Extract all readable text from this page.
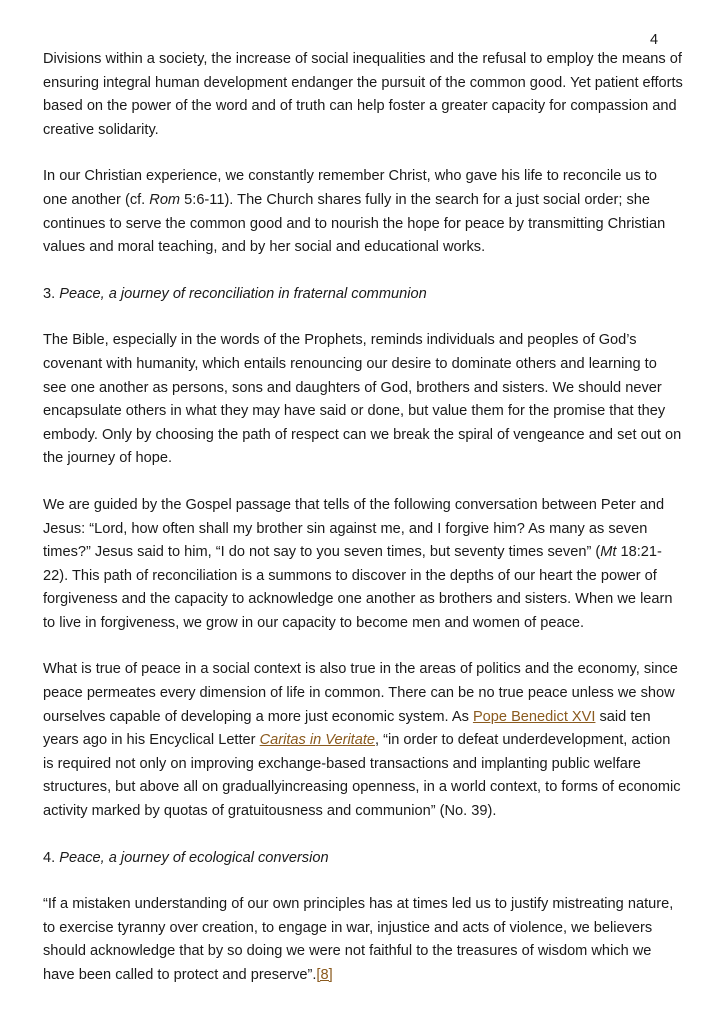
4

Divisions within a society, the increase of social inequalities and the refusal to employ the means of ensuring integral human development endanger the pursuit of the common good. Yet patient efforts based on the power of the word and of truth can help foster a greater capacity for compassion and creative solidarity.

In our Christian experience, we constantly remember Christ, who gave his life to reconcile us to one another (cf. Rom 5:6-11). The Church shares fully in the search for a just social order; she continues to serve the common good and to nourish the hope for peace by transmitting Christian values and moral teaching, and by her social and educational works.

3. Peace, a journey of reconciliation in fraternal communion

The Bible, especially in the words of the Prophets, reminds individuals and peoples of God’s covenant with humanity, which entails renouncing our desire to dominate others and learning to see one another as persons, sons and daughters of God, brothers and sisters. We should never encapsulate others in what they may have said or done, but value them for the promise that they embody. Only by choosing the path of respect can we break the spiral of vengeance and set out on the journey of hope.

We are guided by the Gospel passage that tells of the following conversation between Peter and Jesus: “Lord, how often shall my brother sin against me, and I forgive him? As many as seven times?” Jesus said to him, “I do not say to you seven times, but seventy times seven” (Mt 18:21-22). This path of reconciliation is a summons to discover in the depths of our heart the power of forgiveness and the capacity to acknowledge one another as brothers and sisters. When we learn to live in forgiveness, we grow in our capacity to become men and women of peace.

What is true of peace in a social context is also true in the areas of politics and the economy, since peace permeates every dimension of life in common. There can be no true peace unless we show ourselves capable of developing a more just economic system. As Pope Benedict XVI said ten years ago in his Encyclical Letter Caritas in Veritate, “in order to defeat underdevelopment, action is required not only on improving exchange-based transactions and implanting public welfare structures, but above all on graduallyincreasing openness, in a world context, to forms of economic activity marked by quotas of gratuitousness and communion” (No. 39).

4. Peace, a journey of ecological conversion

“If a mistaken understanding of our own principles has at times led us to justify mistreating nature, to exercise tyranny over creation, to engage in war, injustice and acts of violence, we believers should acknowledge that by so doing we were not faithful to the treasures of wisdom which we have been called to protect and preserve”.[8]
